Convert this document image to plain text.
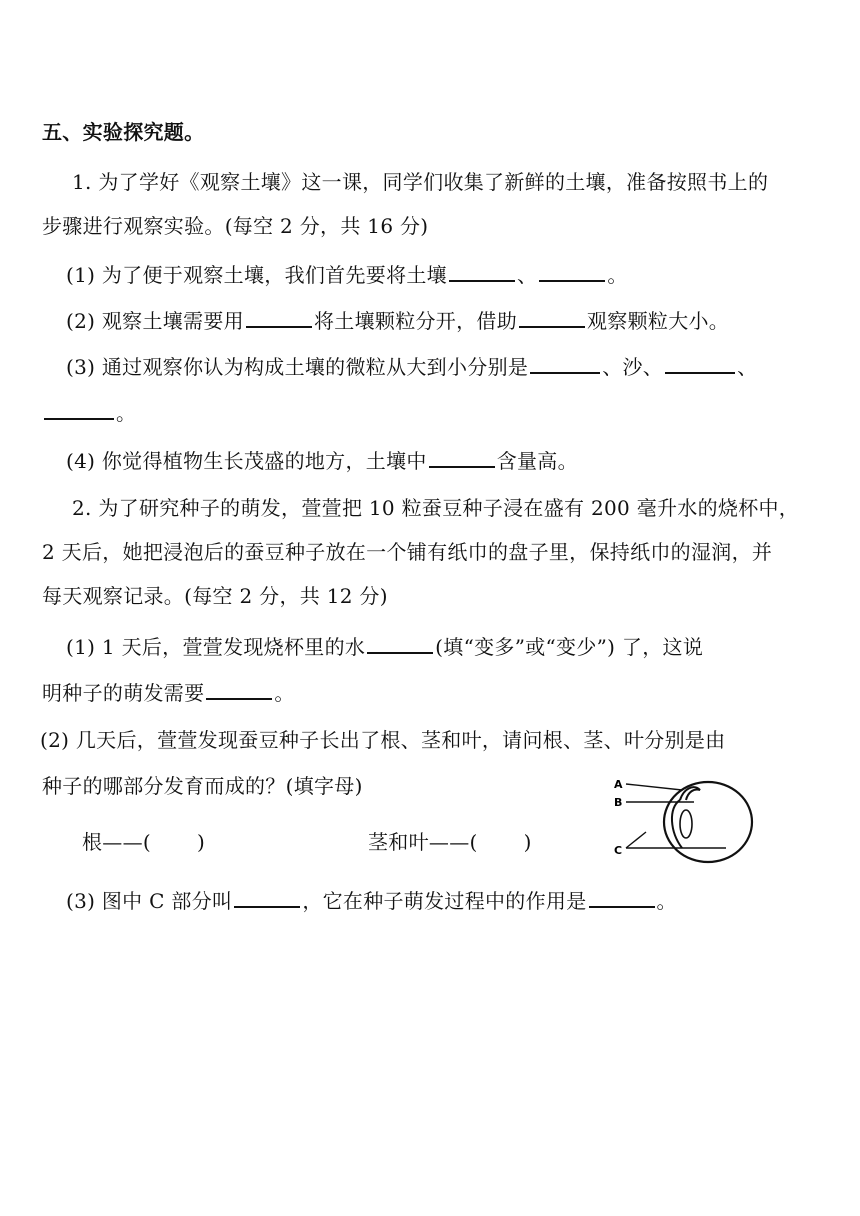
五、实验探究题。
1. 为了学好《观察土壤》这一课，同学们收集了新鲜的土壤，准备按照书上的
步骤进行观察实验。(每空 2 分，共 16 分)
(1) 为了便于观察土壤，我们首先要将土壤	、	。
(2) 观察土壤需要用	将土壤颗粒分开，借助	观察颗粒大小。
(3) 通过观察你认为构成土壤的微粒从大到小分别是	、沙、	、
。
(4) 你觉得植物生长茂盛的地方，土壤中	含量高。
2. 为了研究种子的萌发，萱萱把 10 粒蚕豆种子浸在盛有 200 毫升水的烧杯中，
2 天后，她把浸泡后的蚕豆种子放在一个铺有纸巾的盘子里，保持纸巾的湿润，并
每天观察记录。(每空 2 分，共 12 分)
(1) 1 天后，萱萱发现烧杯里的水	(填“变多”或“变少”) 了，这说
明种子的萌发需要	。
(2) 几天后，萱萱发现蚕豆种子长出了根、茎和叶，请问根、茎、叶分别是由
种子的哪部分发育而成的？(填字母)
根——( )	茎和叶——( )
A
B
C
(3) 图中 C 部分叫	，它在种子萌发过程中的作用是	。
